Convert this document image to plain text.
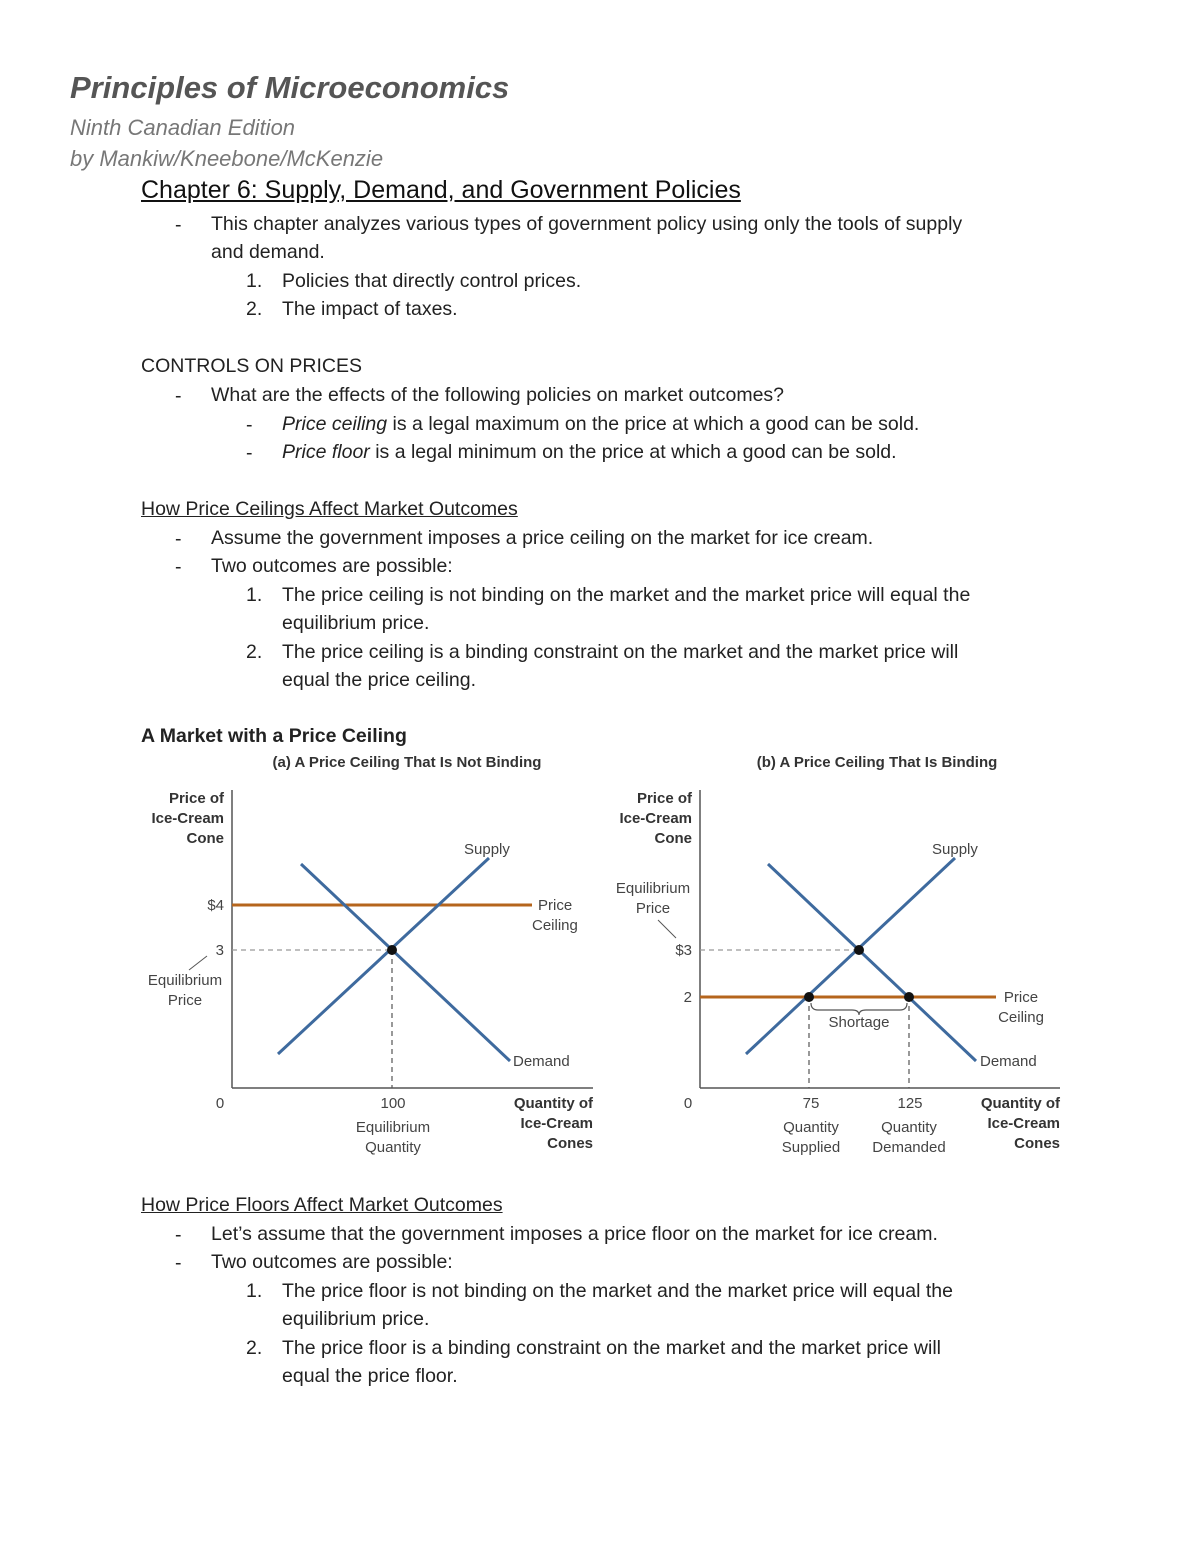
Principles of Microeconomics
Ninth Canadian Edition
by Mankiw/Kneebone/McKenzie
Chapter 6: Supply, Demand, and Government Policies
- This chapter analyzes various types of government policy using only the tools of supply
and demand.
1. Policies that directly control prices.
2. The impact of taxes.
CONTROLS ON PRICES
- What are the effects of the following policies on market outcomes?
- Price ceiling is a legal maximum on the price at which a good can be sold.
- Price floor is a legal minimum on the price at which a good can be sold.
How Price Ceilings Affect Market Outcomes
- Assume the government imposes a price ceiling on the market for ice cream.
- Two outcomes are possible:
1. The price ceiling is not binding on the market and the market price will equal the
equilibrium price.
2. The price ceiling is a binding constraint on the market and the market price will
equal the price ceiling.
A Market with a Price Ceiling
(a) A Price Ceiling That Is Not Binding
Price of
Ice-Cream
Cone
Supply
Demand
Price
Ceiling
$4
3
Equilibrium
Price
0	100
Equilibrium
Quantity
Quantity of
Ice-Cream
Cones
(b) A Price Ceiling That Is Binding
Price of
Ice-Cream
Cone
Shortage
Supply
Demand
Price
Ceiling
Equilibrium
Price
$3
2
0	75	125
Quantity
Supplied
Quantity
Demanded
Quantity of
Ice-Cream
Cones
How Price Floors Affect Market Outcomes
- Let’s assume that the government imposes a price floor on the market for ice cream.
- Two outcomes are possible:
1. The price floor is not binding on the market and the market price will equal the
equilibrium price.
2. The price floor is a binding constraint on the market and the market price will
equal the price floor.
